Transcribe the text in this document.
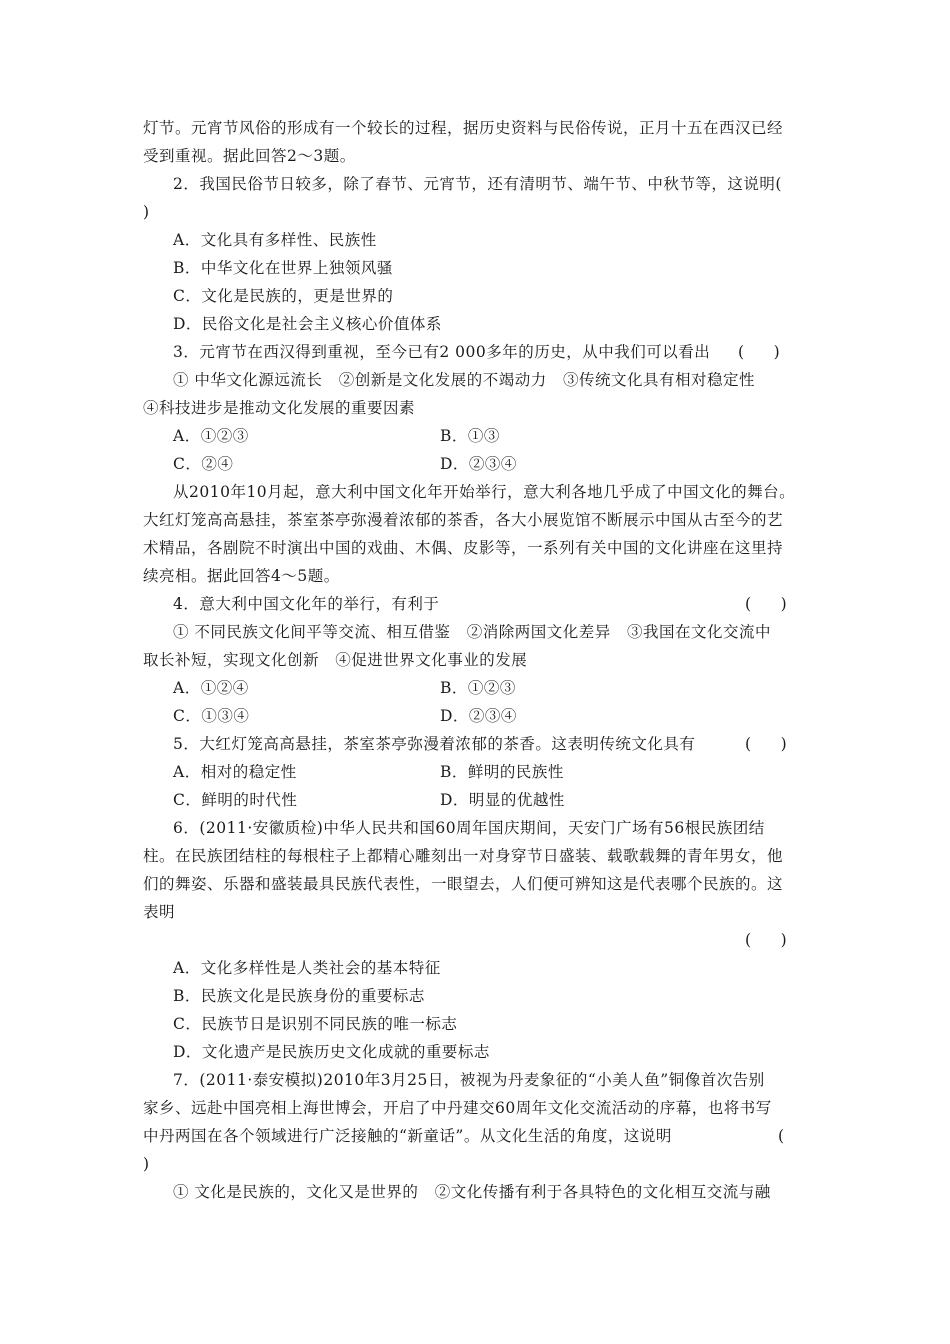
灯节。元宵节风俗的形成有一个较长的过程，据历史资料与民俗传说，正月十五在西汉已经
受到重视。据此回答2～3题。
2．我国民俗节日较多，除了春节、元宵节，还有清明节、端午节、中秋节等，这说明(
)
A．文化具有多样性、民族性
B．中华文化在世界上独领风骚
C．文化是民族的，更是世界的
D．民俗文化是社会主义核心价值体系
3．元宵节在西汉得到重视，至今已有2 000多年的历史，从中我们可以看出	(      )
① 中华文化源远流长   ②创新是文化发展的不竭动力   ③传统文化具有相对稳定性
④科技进步是推动文化发展的重要因素
A．①②③	B．①③
C．②④	D．②③④
从2010年10月起，意大利中国文化年开始举行，意大利各地几乎成了中国文化的舞台。
大红灯笼高高悬挂，茶室茶亭弥漫着浓郁的茶香，各大小展览馆不断展示中国从古至今的艺
术精品，各剧院不时演出中国的戏曲、木偶、皮影等，一系列有关中国的文化讲座在这里持
续亮相。据此回答4～5题。
4．意大利中国文化年的举行，有利于	(      )
① 不同民族文化间平等交流、相互借鉴   ②消除两国文化差异   ③我国在文化交流中
取长补短，实现文化创新   ④促进世界文化事业的发展
A．①②④	B．①②③
C．①③④	D．②③④
5．大红灯笼高高悬挂，茶室茶亭弥漫着浓郁的茶香。这表明传统文化具有	(      )
A．相对的稳定性	B．鲜明的民族性
C．鲜明的时代性	D．明显的优越性
6．(2011·安徽质检)中华人民共和国60周年国庆期间，天安门广场有56根民族团结
柱。在民族团结柱的每根柱子上都精心雕刻出一对身穿节日盛装、载歌载舞的青年男女，他
们的舞姿、乐器和盛装最具民族代表性，一眼望去，人们便可辨知这是代表哪个民族的。这
表明
(      )
A．文化多样性是人类社会的基本特征
B．民族文化是民族身份的重要标志
C．民族节日是识别不同民族的唯一标志
D．文化遗产是民族历史文化成就的重要标志
7．(2011·泰安模拟)2010年3月25日，被视为丹麦象征的“小美人鱼”铜像首次告别
家乡、远赴中国亮相上海世博会，开启了中丹建交60周年文化交流活动的序幕，也将书写
中丹两国在各个领域进行广泛接触的“新童话”。从文化生活的角度，这说明	(
)
① 文化是民族的，文化又是世界的   ②文化传播有利于各具特色的文化相互交流与融
